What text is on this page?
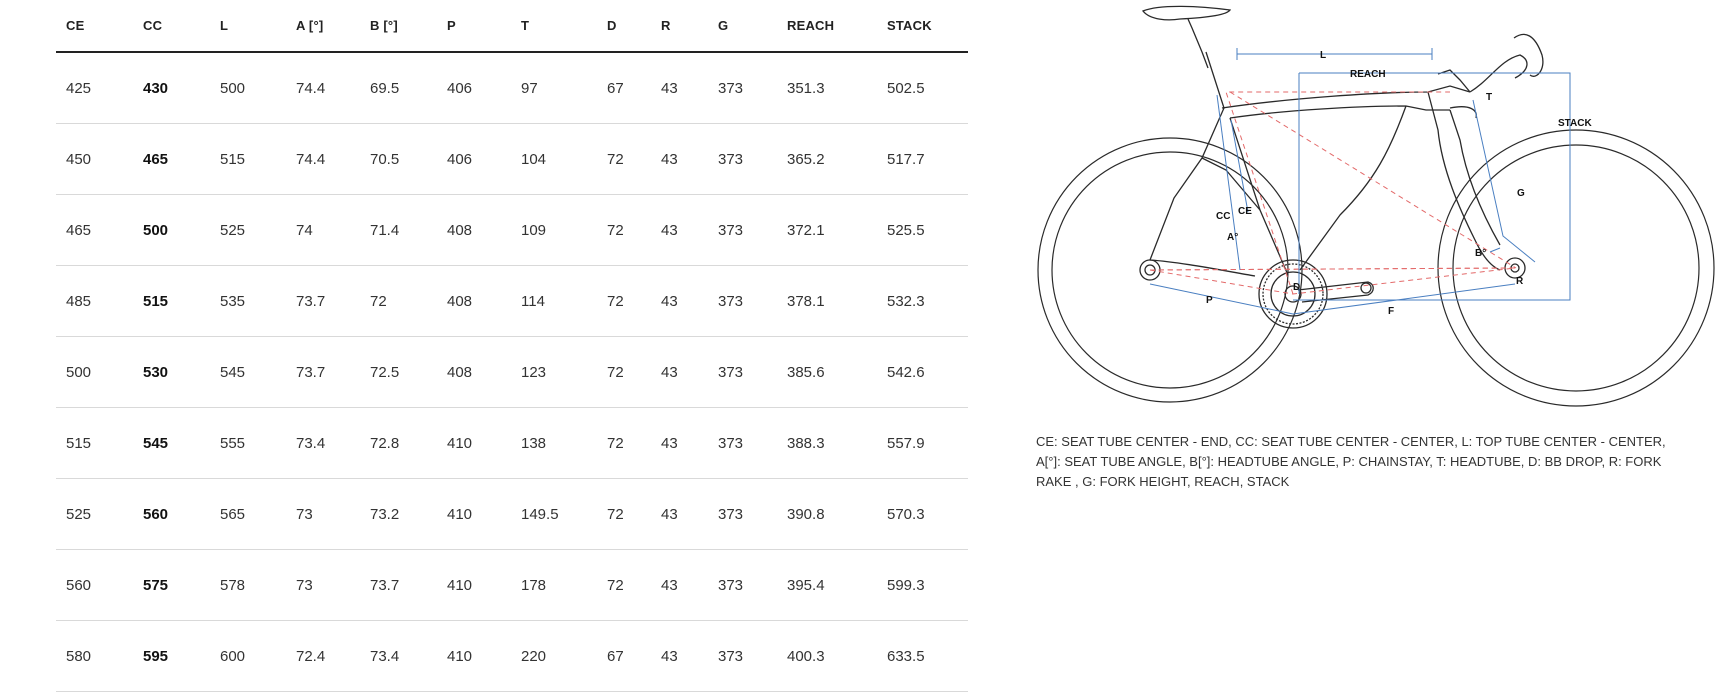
CE	CC	L	A [°]	B [°]	P	T	D	R	G	REACH	STACK
425	430	500	74.4	69.5	406	97	67	43	373	351.3	502.5
450	465	515	74.4	70.5	406	104	72	43	373	365.2	517.7
465	500	525	74	71.4	408	109	72	43	373	372.1	525.5
485	515	535	73.7	72	408	114	72	43	373	378.1	532.3
500	530	545	73.7	72.5	408	123	72	43	373	385.6	542.6
515	545	555	73.4	72.8	410	138	72	43	373	388.3	557.9
525	560	565	73	73.2	410	149.5	72	43	373	390.8	570.3
560	575	578	73	73.7	410	178	72	43	373	395.4	599.3
580	595	600	72.4	73.4	410	220	67	43	373	400.3	633.5
L
REACH
STACK
T
G
CC CE
A°
B°
D
R
P
F
CE: SEAT TUBE CENTER - END, CC: SEAT TUBE CENTER - CENTER, L: TOP TUBE CENTER - CENTER, A[°]: SEAT TUBE ANGLE, B[°]: HEADTUBE ANGLE, P: CHAINSTAY, T: HEADTUBE, D: BB DROP, R: FORK RAKE , G: FORK HEIGHT, REACH, STACK
